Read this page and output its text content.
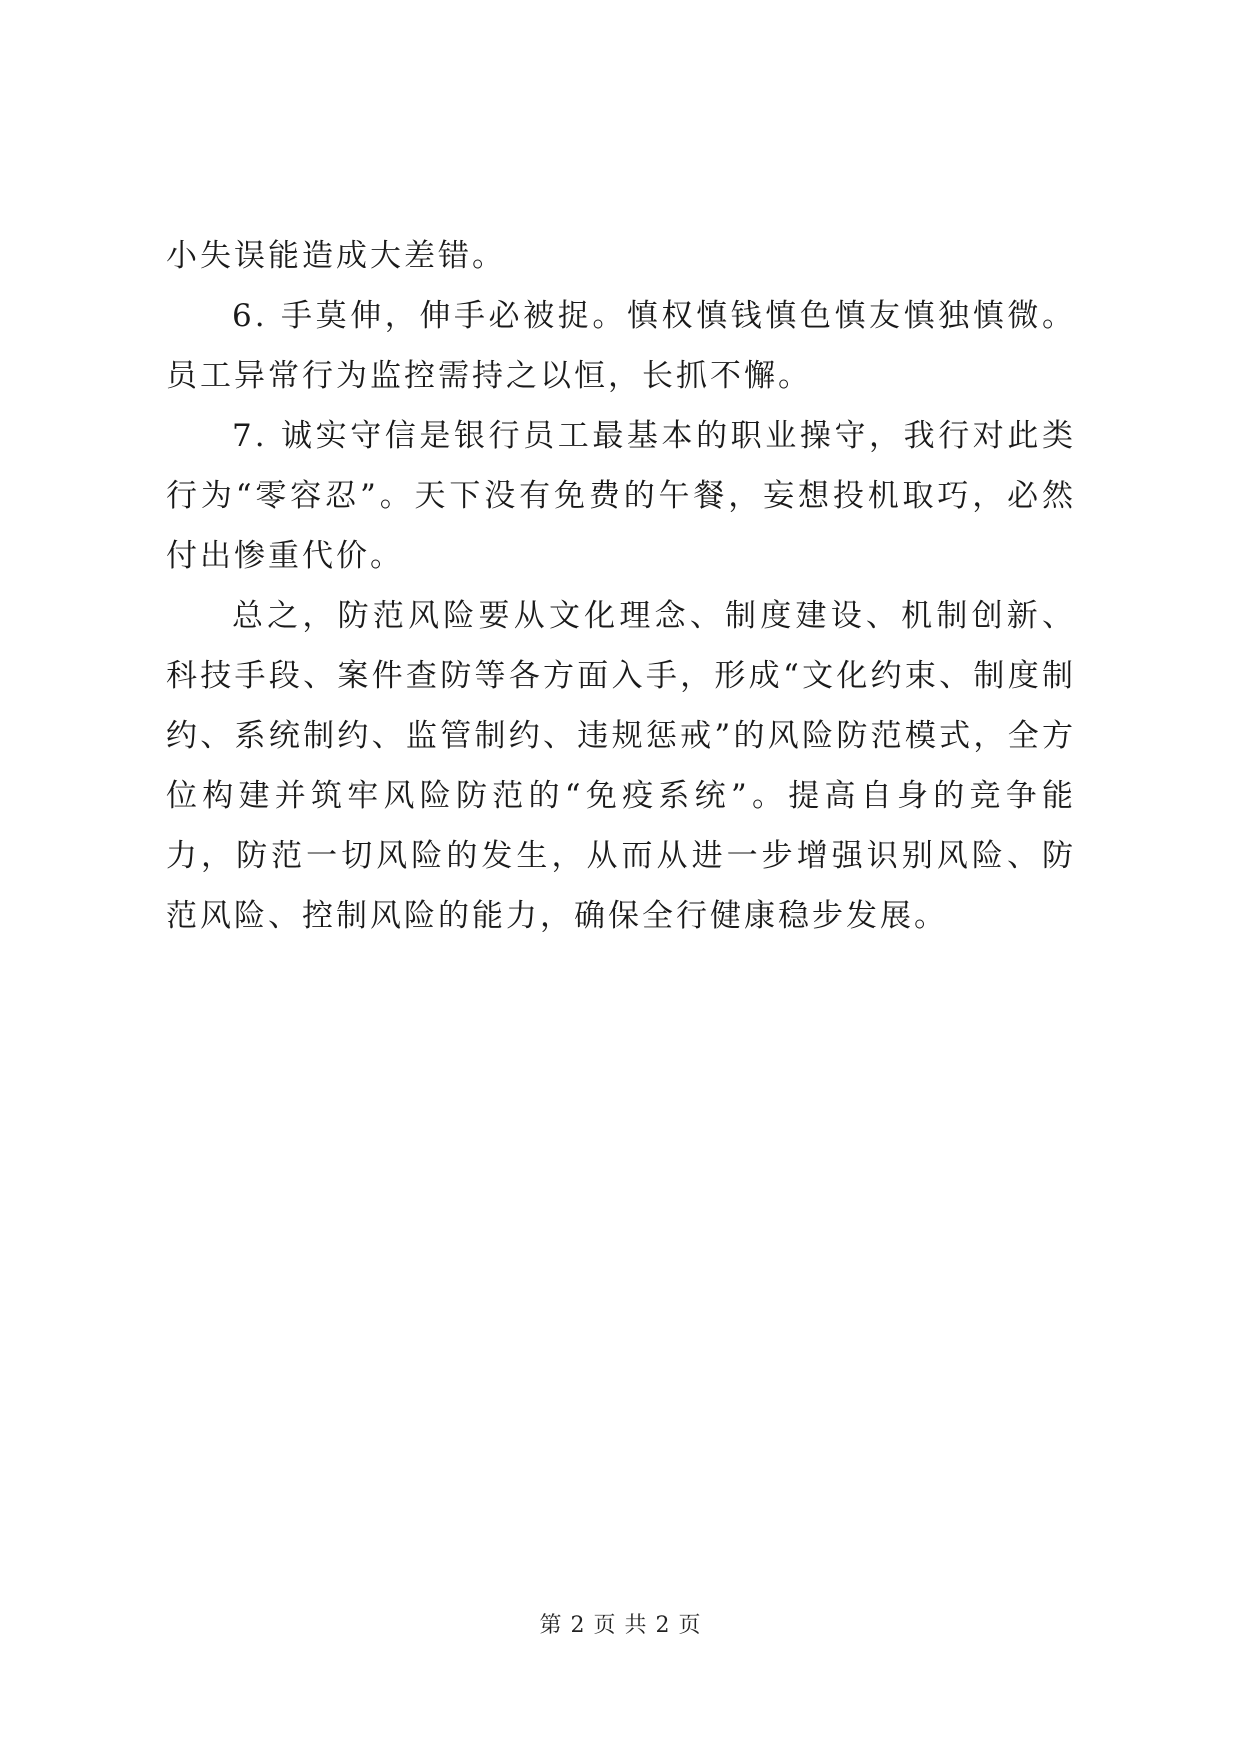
小失误能造成大差错。

6. 手莫伸，伸手必被捉。慎权慎钱慎色慎友慎独慎微。员工异常行为监控需持之以恒，长抓不懈。

7. 诚实守信是银行员工最基本的职业操守，我行对此类行为“零容忍”。天下没有免费的午餐，妄想投机取巧，必然付出惨重代价。

总之，防范风险要从文化理念、制度建设、机制创新、科技手段、案件查防等各方面入手，形成“文化约束、制度制约、系统制约、监管制约、违规惩戒”的风险防范模式，全方位构建并筑牢风险防范的“免疫系统”。提高自身的竞争能力，防范一切风险的发生，从而从进一步增强识别风险、防范风险、控制风险的能力，确保全行健康稳步发展。

第 2 页 共 2 页
